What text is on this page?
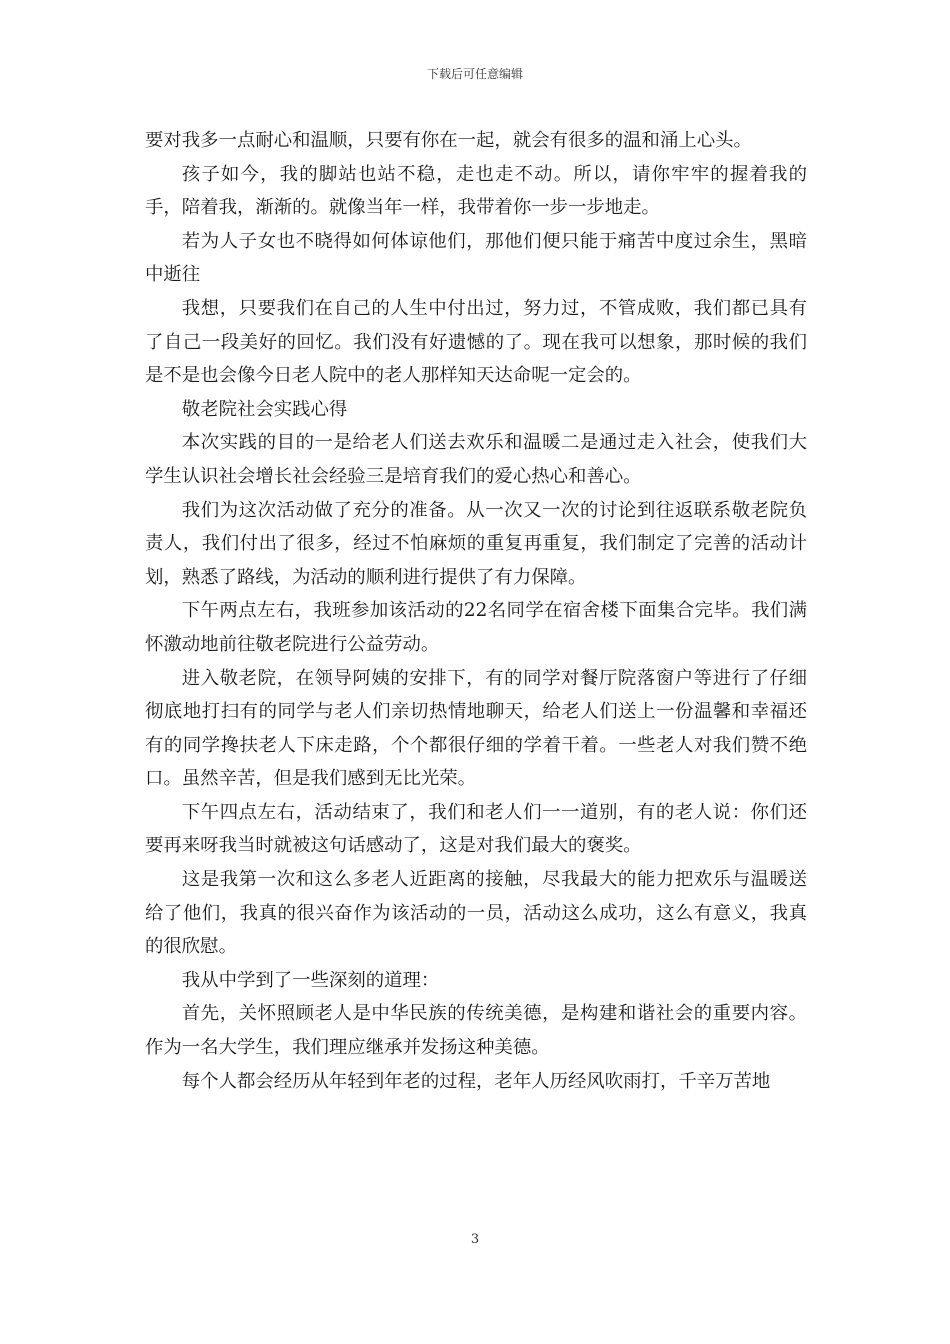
下载后可任意编辑

要对我多一点耐心和温顺，只要有你在一起，就会有很多的温和涌上心头。

孩子如今，我的脚站也站不稳，走也走不动。所以，请你牢牢的握着我的手，陪着我，渐渐的。就像当年一样，我带着你一步一步地走。

若为人子女也不晓得如何体谅他们，那他们便只能于痛苦中度过余生，黑暗中逝往

我想，只要我们在自己的人生中付出过，努力过，不管成败，我们都已具有了自己一段美好的回忆。我们没有好遗憾的了。现在我可以想象，那时候的我们是不是也会像今日老人院中的老人那样知天达命呢一定会的。

敬老院社会实践心得

本次实践的目的一是给老人们送去欢乐和温暖二是通过走入社会，使我们大学生认识社会增长社会经验三是培育我们的爱心热心和善心。

我们为这次活动做了充分的准备。从一次又一次的讨论到往返联系敬老院负责人，我们付出了很多，经过不怕麻烦的重复再重复，我们制定了完善的活动计划，熟悉了路线，为活动的顺利进行提供了有力保障。

下午两点左右，我班参加该活动的22名同学在宿舍楼下面集合完毕。我们满怀激动地前往敬老院进行公益劳动。

进入敬老院，在领导阿姨的安排下，有的同学对餐厅院落窗户等进行了仔细彻底地打扫有的同学与老人们亲切热情地聊天，给老人们送上一份温馨和幸福还有的同学搀扶老人下床走路，个个都很仔细的学着干着。一些老人对我们赞不绝口。虽然辛苦，但是我们感到无比光荣。

下午四点左右，活动结束了，我们和老人们一一道别，有的老人说：你们还要再来呀我当时就被这句话感动了，这是对我们最大的褒奖。

这是我第一次和这么多老人近距离的接触，尽我最大的能力把欢乐与温暖送给了他们，我真的很兴奋作为该活动的一员，活动这么成功，这么有意义，我真的很欣慰。

我从中学到了一些深刻的道理：

首先，关怀照顾老人是中华民族的传统美德，是构建和谐社会的重要内容。作为一名大学生，我们理应继承并发扬这种美德。

每个人都会经历从年轻到年老的过程，老年人历经风吹雨打，千辛万苦地

3
